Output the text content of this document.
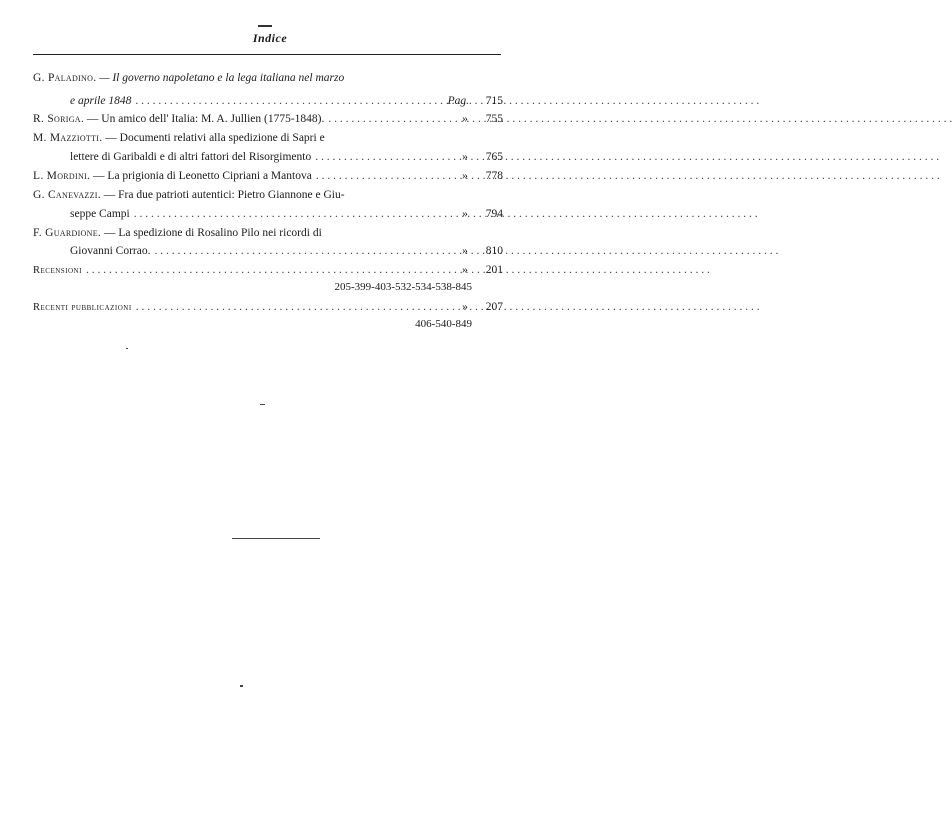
Indice
G. Paladino. — Il governo napoletano e la lega italiana nel marzo
e aprile 1848 . . .	Pag.	715
R. Soriga. — Un amico dell' Italia: M. A. Jullien (1775-1848). . . .	»	755
M. Mazziotti. — Documenti relativi alla spedizione di Sapri e
lettere di Garibaldi e di altri fattori del Risorgimento . . .	»	765
L. Mordini. — La prigionia di Leonetto Cipriani a Mantova . . .	»	778
G. Canevazzi. — Fra due patrioti autentici: Pietro Giannone e Giu-
seppe Campi . . .	»	794
F. Guardione. — La spedizione di Rosalino Pilo nei ricordi di
Giovanni Corrao. . . .	»	810
Recensioni . . .	»	201
205-399-403-532-534-538-845
Recenti pubblicazioni . . .	»	207
406-540-849
